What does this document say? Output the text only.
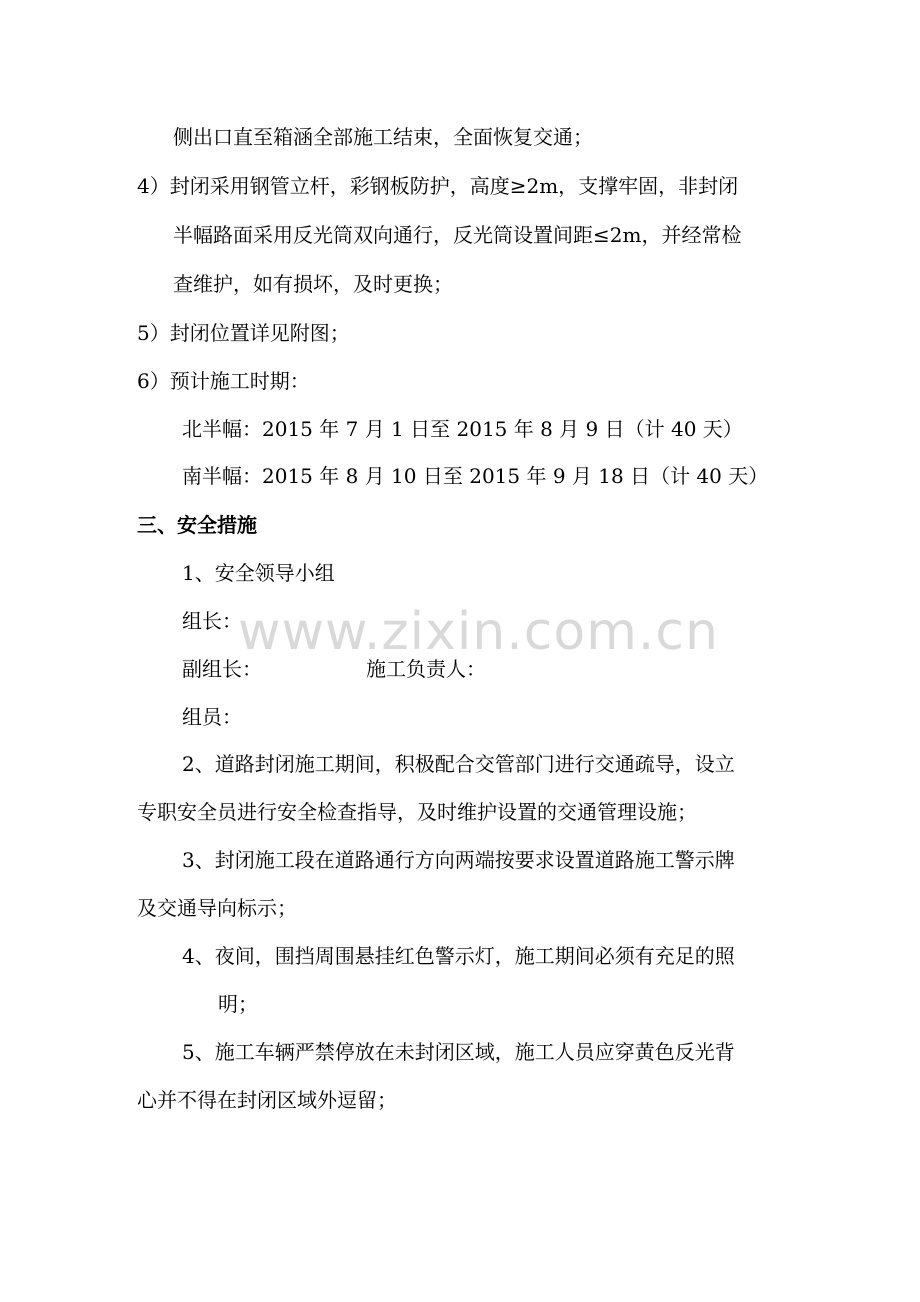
www.zixin.com.cn
侧出口直至箱涵全部施工结束，全面恢复交通；
4）封闭采用钢管立杆，彩钢板防护，高度≥2m，支撑牢固，非封闭
半幅路面采用反光筒双向通行，反光筒设置间距≤2m，并经常检
查维护，如有损坏，及时更换；
5）封闭位置详见附图；
6）预计施工时期：
北半幅：2015 年 7 月 1 日至 2015 年 8 月 9 日（计 40 天）
南半幅：2015 年 8 月 10 日至 2015 年 9 月 18 日（计 40 天）
三、安全措施
1、安全领导小组
组长：
副组长：	施工负责人：
组员：
2、道路封闭施工期间，积极配合交管部门进行交通疏导，设立
专职安全员进行安全检查指导，及时维护设置的交通管理设施；
3、封闭施工段在道路通行方向两端按要求设置道路施工警示牌
及交通导向标示；
4、夜间，围挡周围悬挂红色警示灯，施工期间必须有充足的照
明；
5、施工车辆严禁停放在未封闭区域，施工人员应穿黄色反光背
心并不得在封闭区域外逗留；
